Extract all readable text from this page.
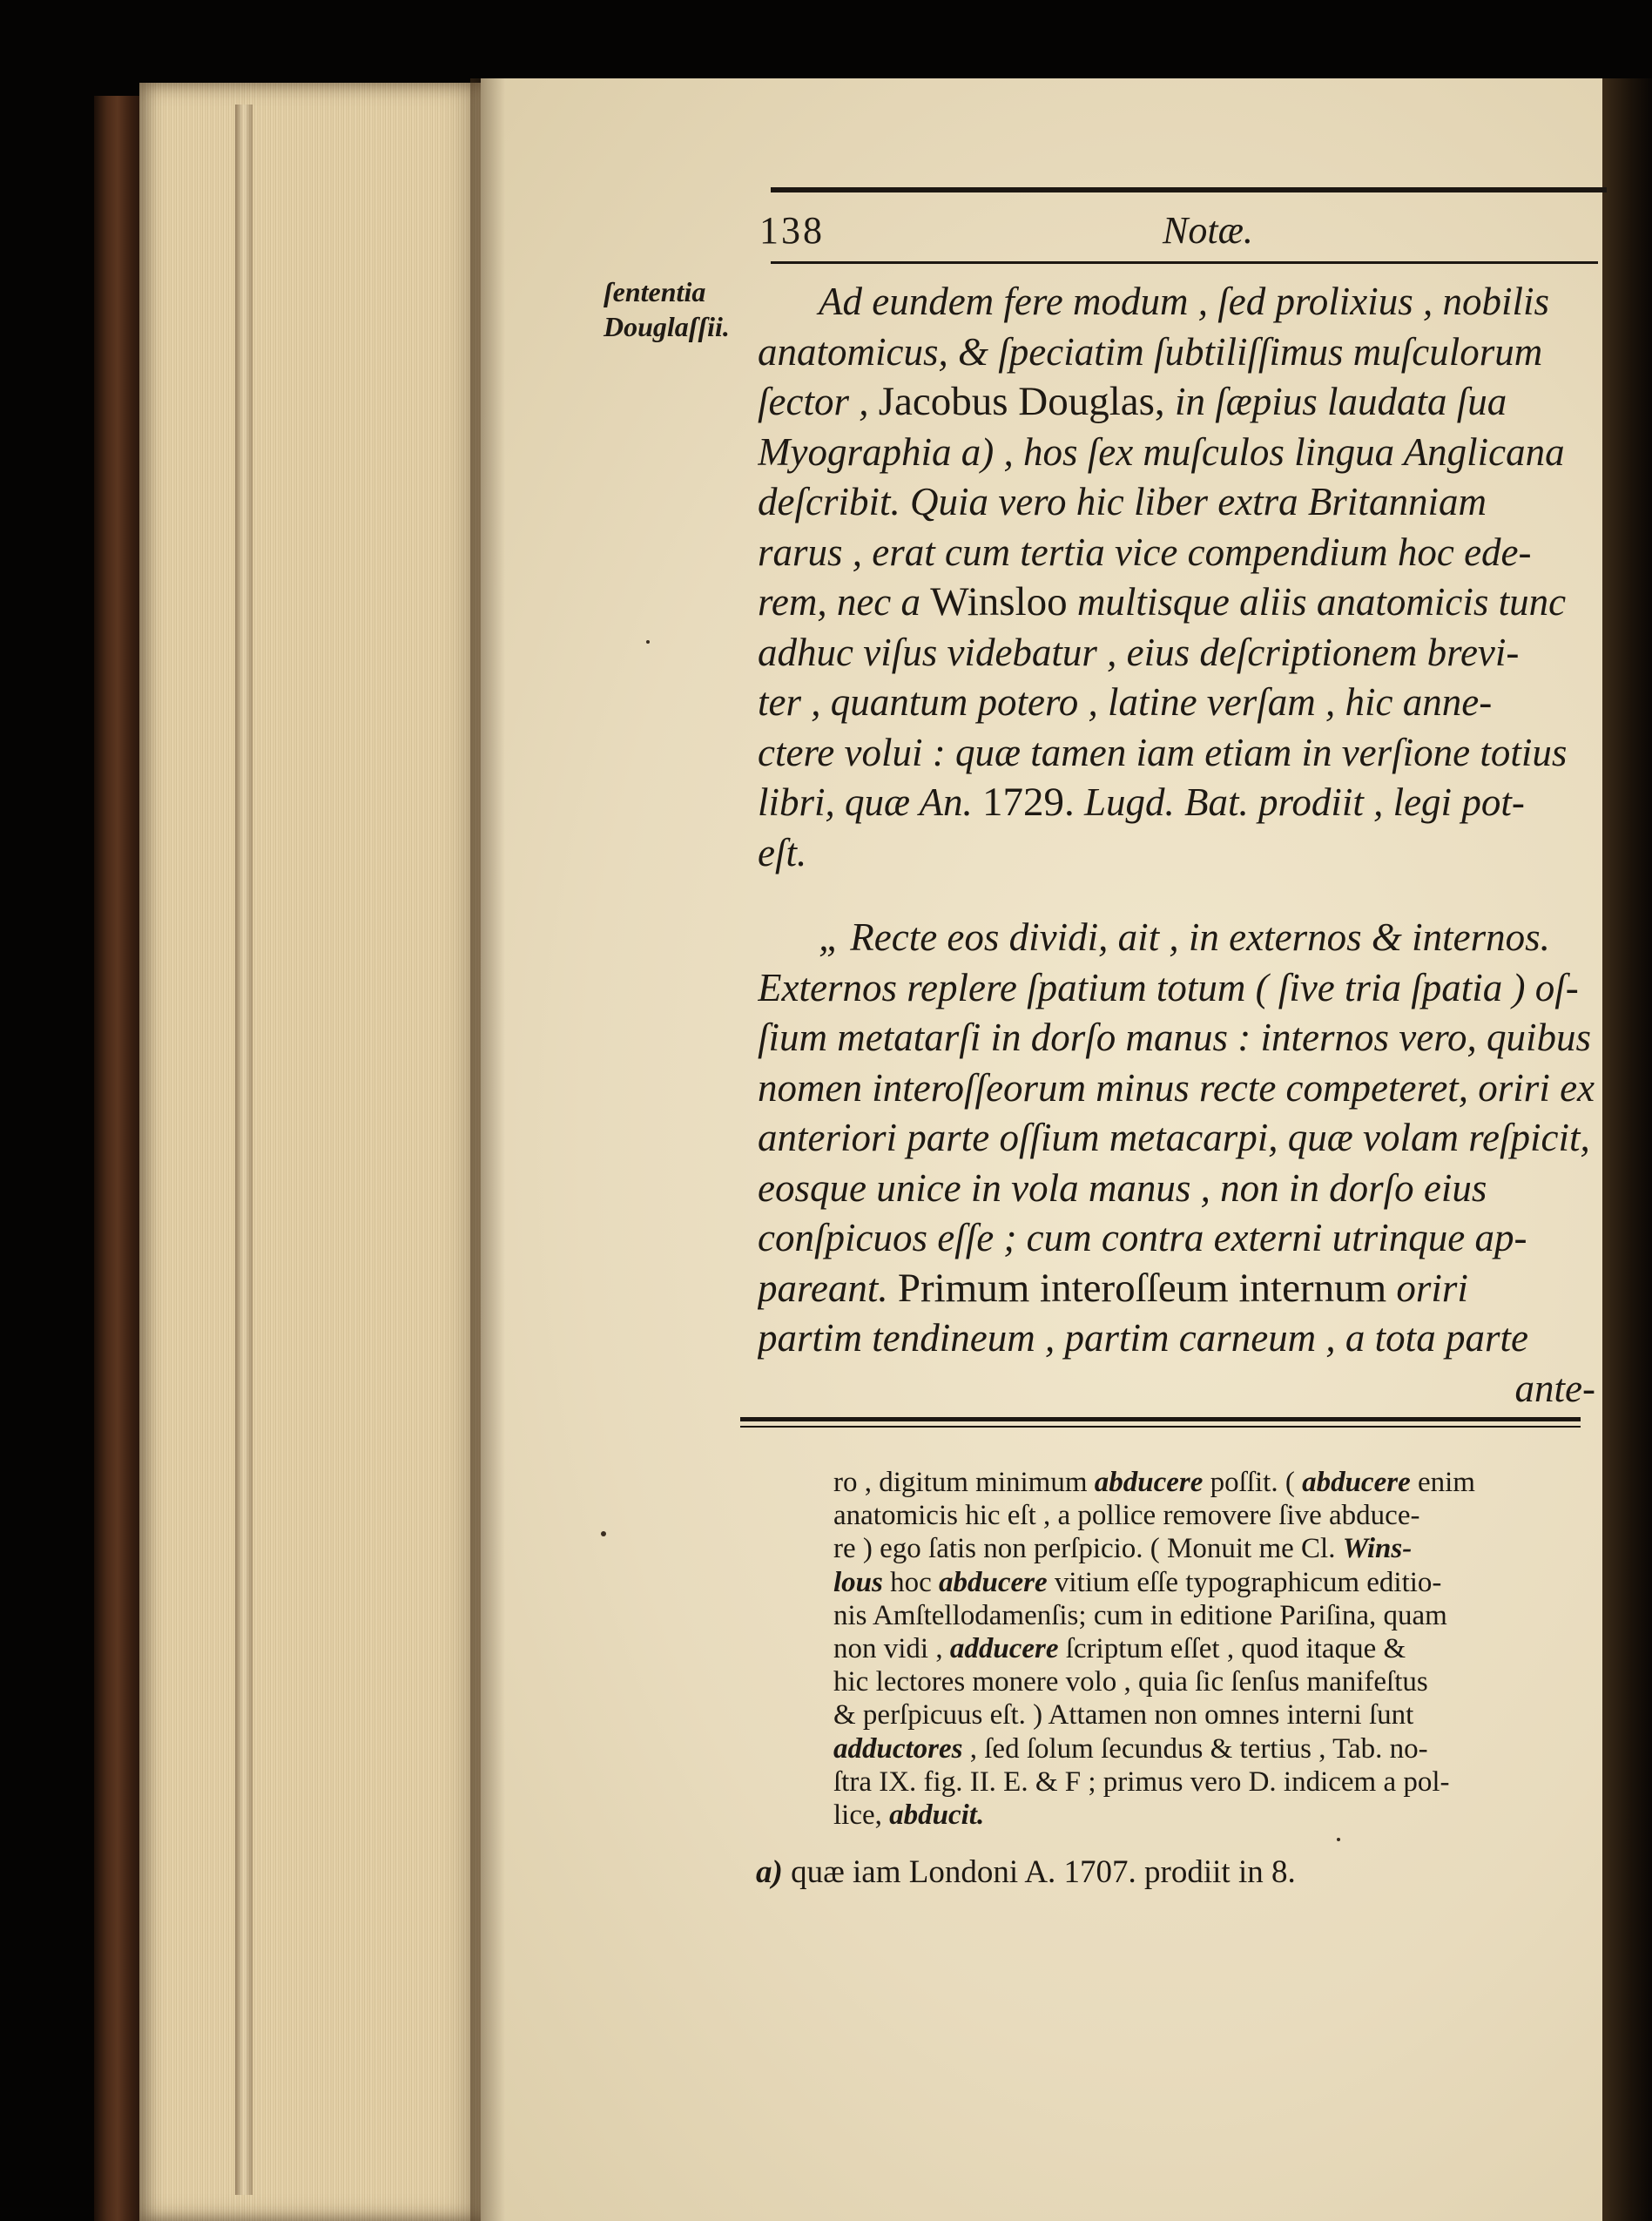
138	Notæ.
ſententia
Douglaſſii.
Ad eundem fere modum , ſed prolixius , nobilis
anatomicus, & ſpeciatim ſubtiliſſimus muſculorum
ſector , Jacobus Douglas, in ſæpius laudata ſua
Myographia a) , hos ſex muſculos lingua Anglicana
deſcribit. Quia vero hic liber extra Britanniam
rarus , erat cum tertia vice compendium hoc ede-
rem, nec a Winsloo multisque aliis anatomicis tunc
adhuc viſus videbatur , eius deſcriptionem brevi-
ter , quantum potero , latine verſam , hic anne-
ctere volui : quæ tamen iam etiam in verſione totius
libri, quæ An. 1729. Lugd. Bat. prodiit , legi pot-
eſt.
„ Recte eos dividi, ait , in externos & internos.
Externos replere ſpatium totum ( ſive tria ſpatia ) oſ-
ſium metatarſi in dorſo manus : internos vero, quibus
nomen interoſſeorum minus recte competeret, oriri ex
anteriori parte oſſium metacarpi, quæ volam reſpicit,
eosque unice in vola manus , non in dorſo eius
conſpicuos eſſe ; cum contra externi utrinque ap-
pareant. Primum interoſſeum internum oriri
partim tendineum , partim carneum , a tota parte
ante-
ro , digitum minimum abducere poſſit. ( abducere enim
anatomicis hic eſt , a pollice removere ſive abduce-
re ) ego ſatis non perſpicio. ( Monuit me Cl. Wins-
lous hoc abducere vitium eſſe typographicum editio-
nis Amſtellodamenſis; cum in editione Pariſina, quam
non vidi , adducere ſcriptum eſſet , quod itaque &
hic lectores monere volo , quia ſic ſenſus manifeſtus
& perſpicuus eſt. ) Attamen non omnes interni ſunt
adductores , ſed ſolum ſecundus & tertius , Tab. no-
ſtra IX. fig. II. E. & F ; primus vero D. indicem a pol-
lice, abducit.
a) quæ iam Londoni A. 1707. prodiit in 8.
